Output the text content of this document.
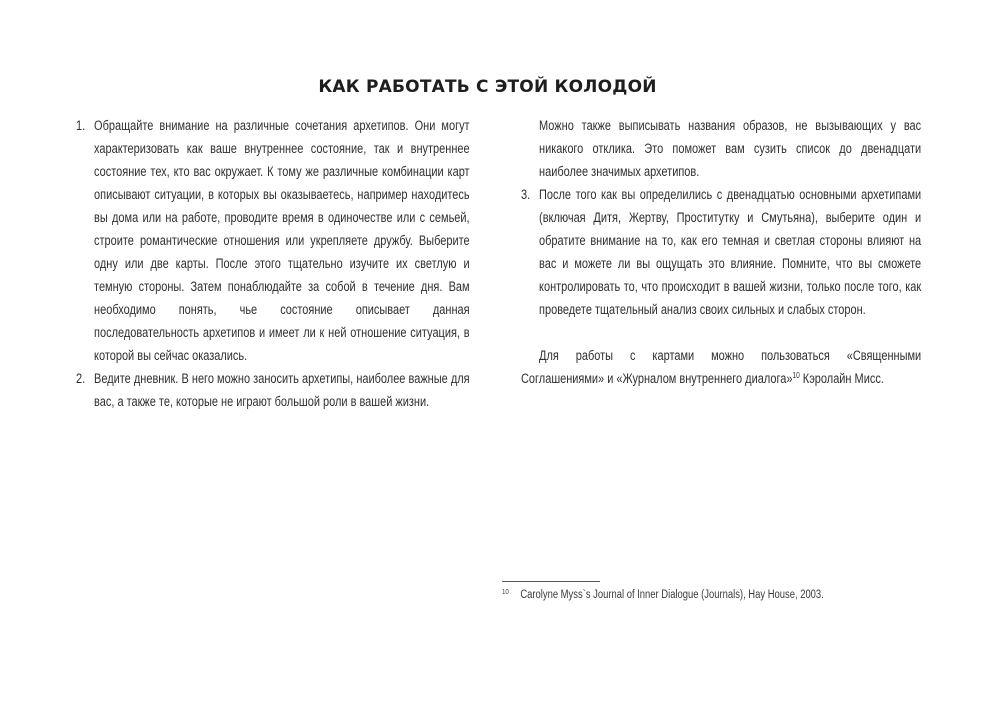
КАК РАБОТАТЬ С ЭТОЙ КОЛОДОЙ
1. Обращайте внимание на различные сочетания архетипов. Они могут характеризовать как ваше внутреннее состояние, так и внутреннее состояние тех, кто вас окружает. К тому же различные комбинации карт описывают ситуации, в которых вы оказываетесь, например находитесь вы дома или на работе, проводите время в одиночестве или с семьей, строите романтические отношения или укрепляете дружбу. Выберите одну или две карты. После этого тщательно изучите их светлую и темную стороны. Затем понаблюдайте за собой в течение дня. Вам необходимо понять, чье состояние описывает данная последовательность архетипов и имеет ли к ней отношение ситуация, в которой вы сейчас оказались.
2. Ведите дневник. В него можно заносить архетипы, наиболее важные для вас, а также те, которые не играют большой роли в вашей жизни.
Можно также выписывать названия образов, не вызывающих у вас никакого отклика. Это поможет вам сузить список до двенадцати наиболее значимых архетипов.
3. После того как вы определились с двенадцатью основными архетипами (включая Дитя, Жертву, Проститутку и Смутьяна), выберите один и обратите внимание на то, как его темная и светлая стороны влияют на вас и можете ли вы ощущать это влияние. Помните, что вы сможете контролировать то, что происходит в вашей жизни, только после того, как проведете тщательный анализ своих сильных и слабых сторон.
Для работы с картами можно пользоваться «Священными Соглашениями» и «Журналом внутреннего диалога»$^{10}$ Кэролайн Мисс.
$^{10}$ Carolyne Myss`s Journal of Inner Dialogue (Journals), Hay House, 2003.
